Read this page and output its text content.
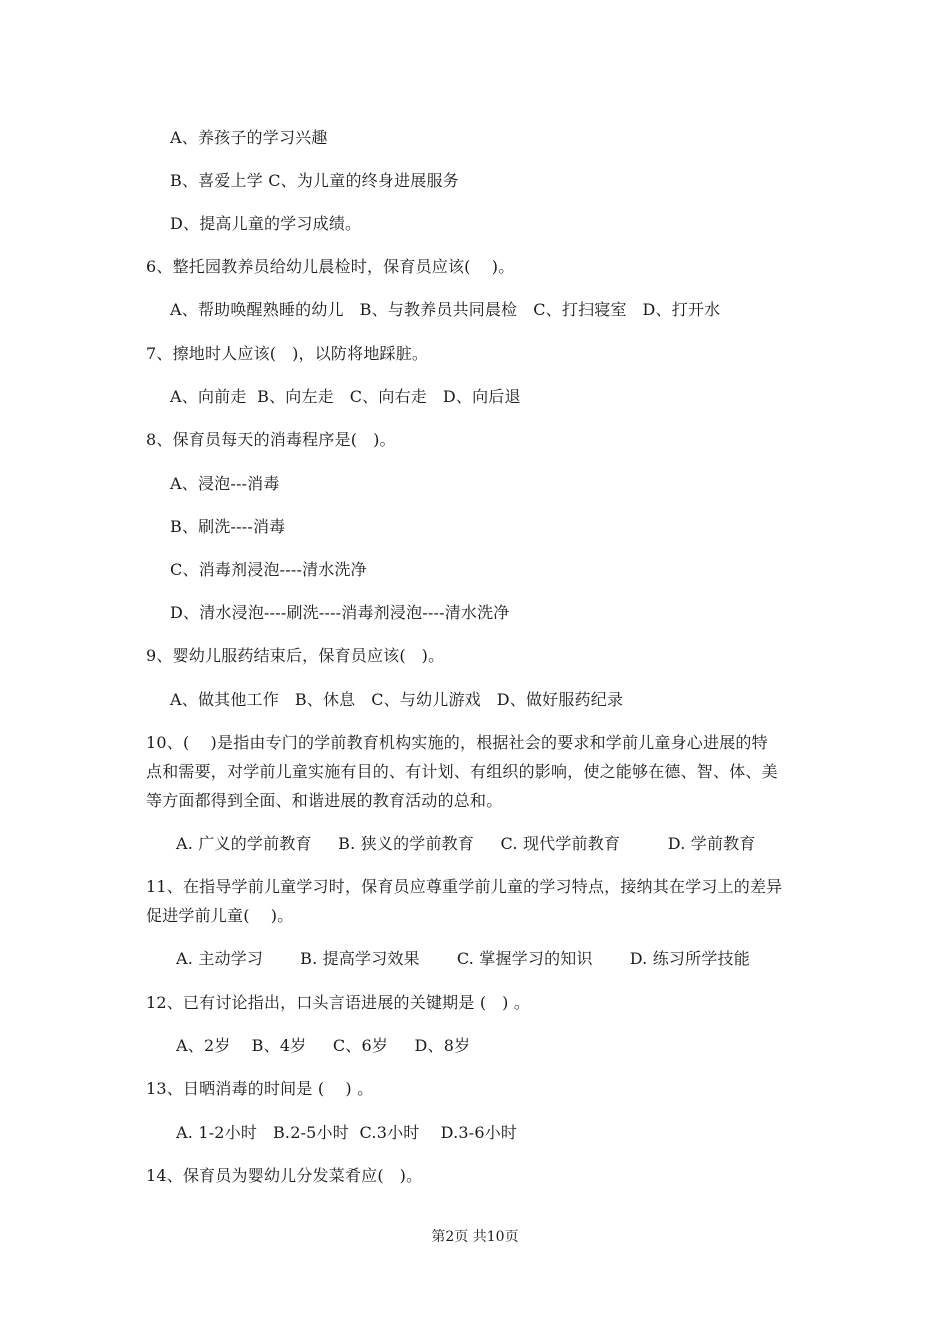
A、养孩子的学习兴趣
B、喜爱上学 C、为儿童的终身进展服务
D、提高儿童的学习成绩。
6、整托园教养员给幼儿晨检时，保育员应该(    )。
A、帮助唤醒熟睡的幼儿   B、与教养员共同晨检   C、打扫寝室   D、打开水
7、擦地时人应该(   )，以防将地踩脏。
A、向前走  B、向左走   C、向右走   D、向后退
8、保育员每天的消毒程序是(   )。
A、浸泡---消毒
B、刷洗----消毒
C、消毒剂浸泡----清水洗净
D、清水浸泡----刷洗----消毒剂浸泡----清水洗净
9、婴幼儿服药结束后，保育员应该(   )。
A、做其他工作   B、休息   C、与幼儿游戏   D、做好服药纪录
10、(    )是指由专门的学前教育机构实施的，根据社会的要求和学前儿童身心进展的特
点和需要，对学前儿童实施有目的、有计划、有组织的影响，使之能够在德、智、体、美
等方面都得到全面、和谐进展的教育活动的总和。
A. 广义的学前教育     B. 狭义的学前教育     C. 现代学前教育         D. 学前教育
11、在指导学前儿童学习时，保育员应尊重学前儿童的学习特点，接纳其在学习上的差异
促进学前儿童(    )。
A. 主动学习       B. 提高学习效果       C. 掌握学习的知识       D. 练习所学技能
12、已有讨论指出，口头言语进展的关键期是 (   ) 。
A、2岁    B、4岁     C、6岁     D、8岁
13、日晒消毒的时间是 (    ) 。
A. 1-2小时   B.2-5小时  C.3小时    D.3-6小时
14、保育员为婴幼儿分发菜肴应(   )。
第2页 共10页
